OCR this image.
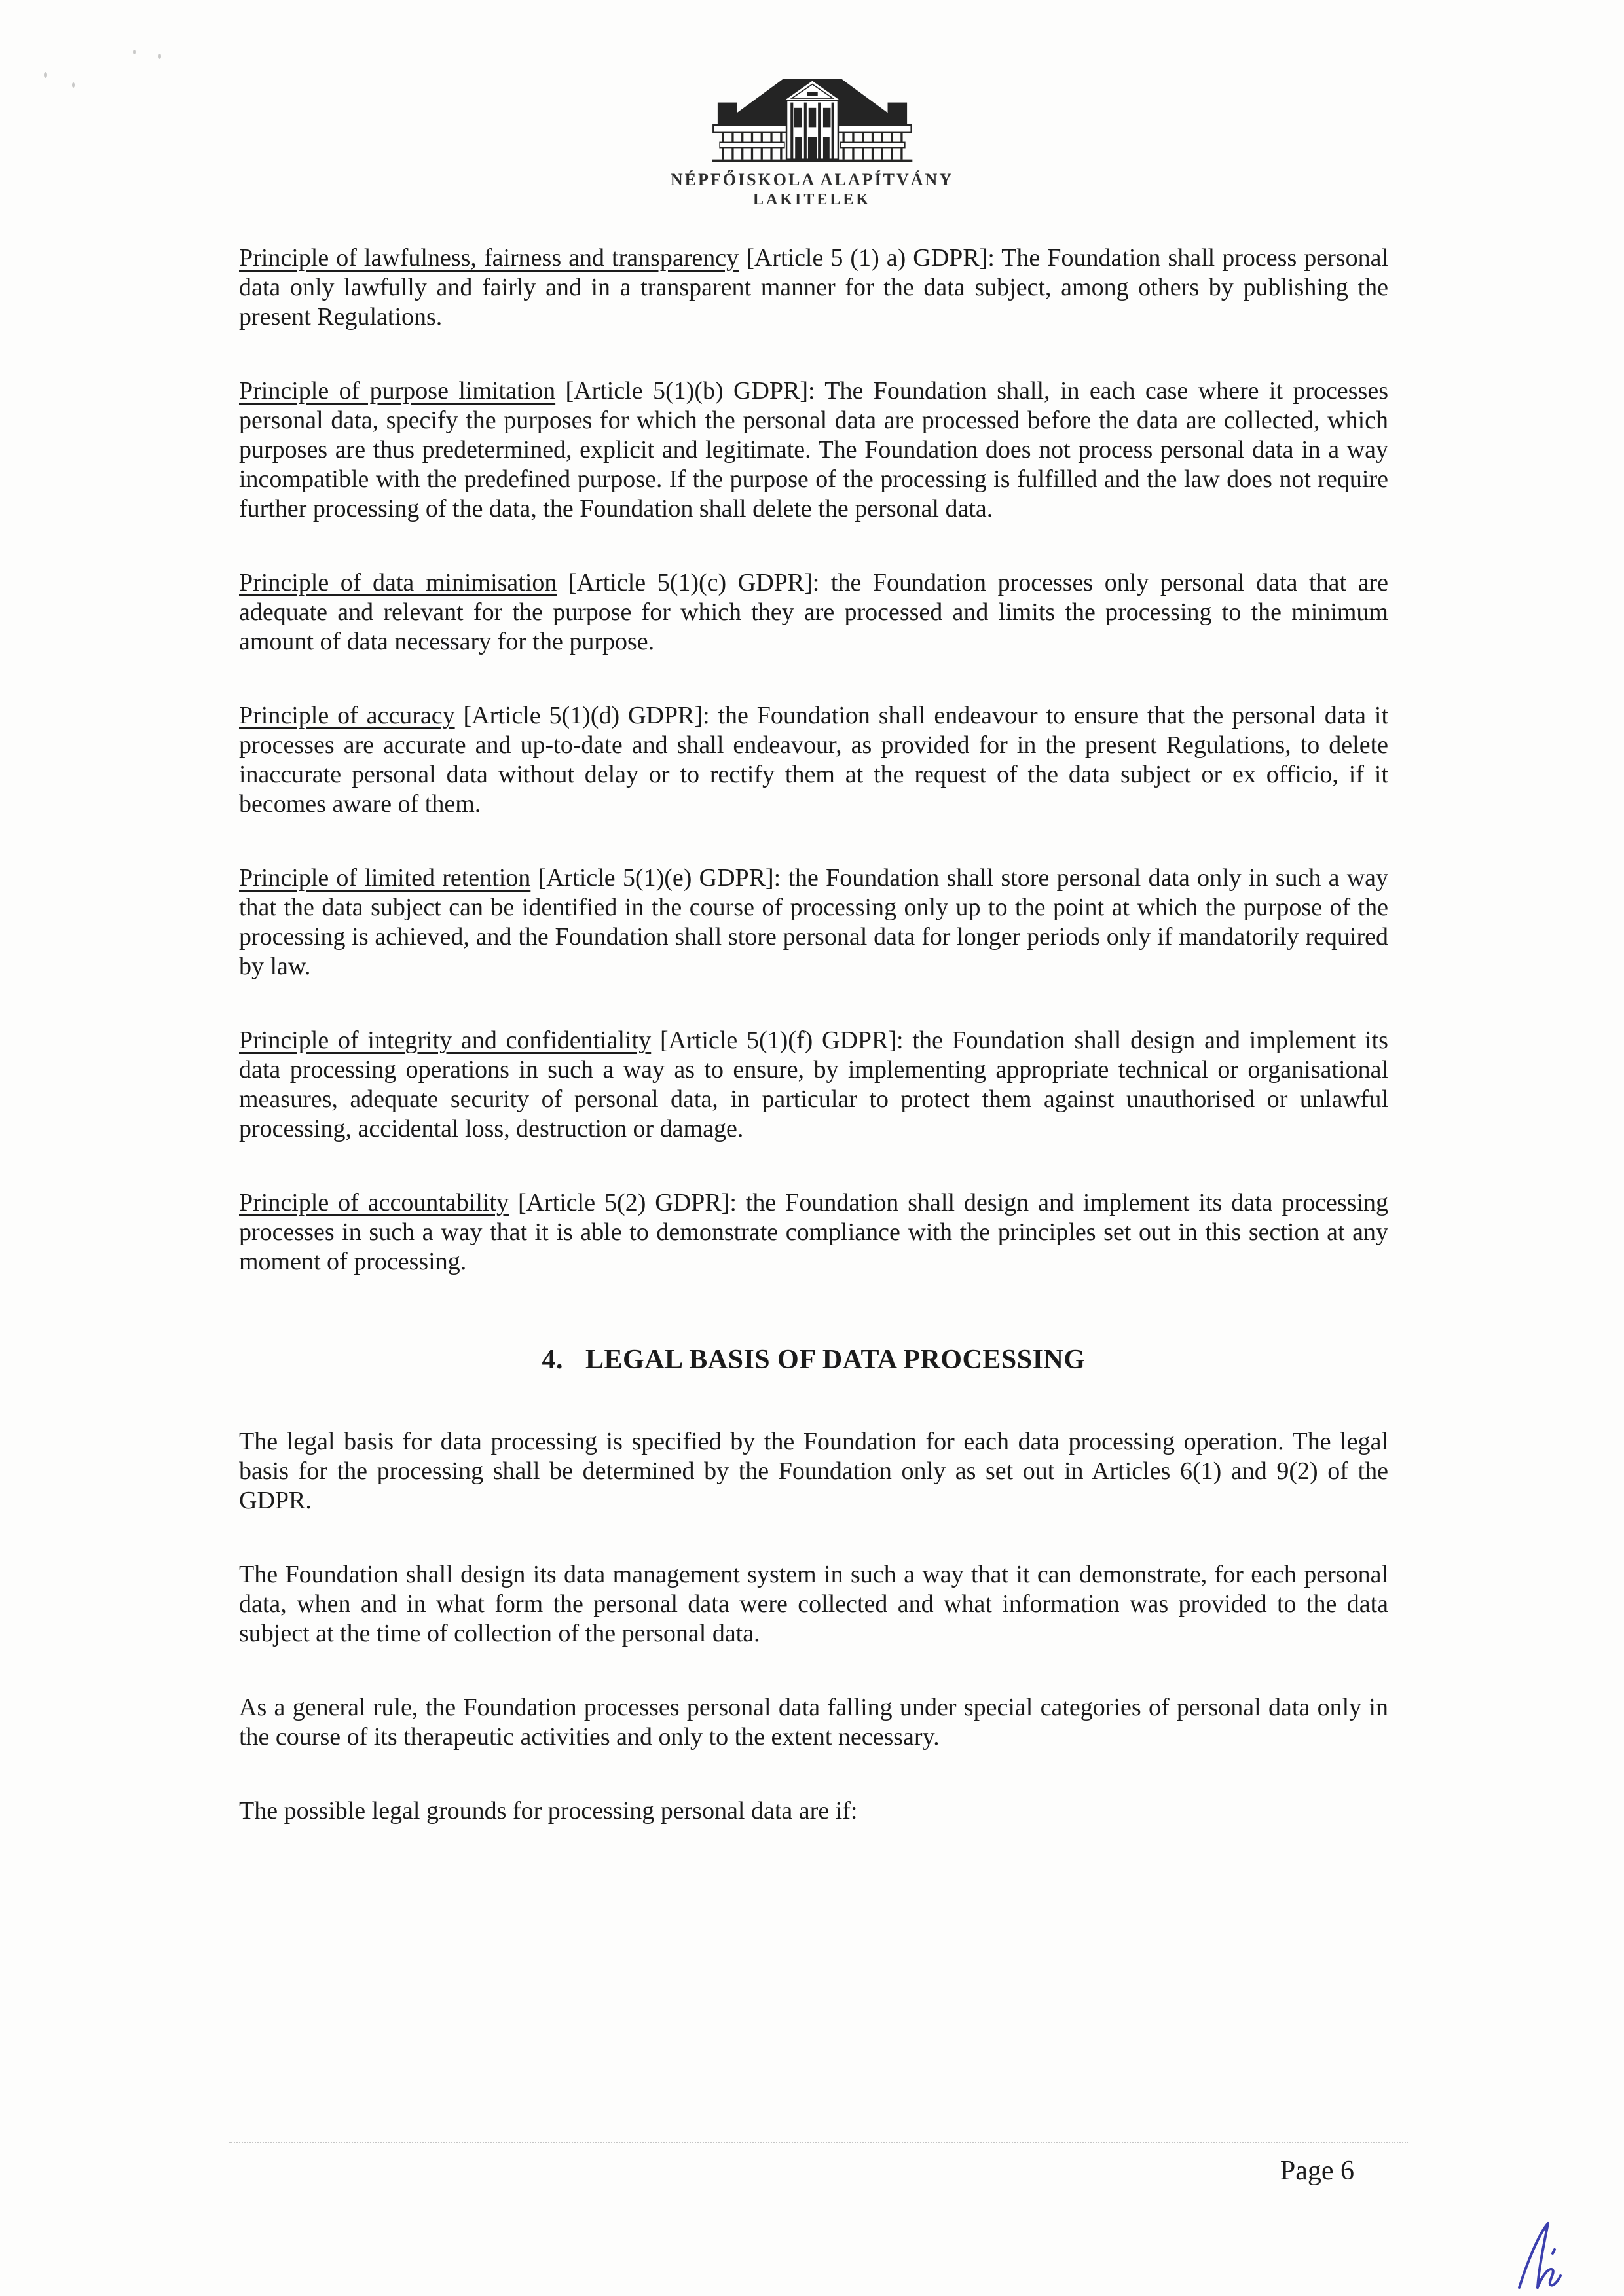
NÉPFŐISKOLA ALAPÍTVÁNY
LAKITELEK

Principle of lawfulness, fairness and transparency [Article 5 (1) a) GDPR]: The Foundation shall process personal data only lawfully and fairly and in a transparent manner for the data subject, among others by publishing the present Regulations.

Principle of purpose limitation [Article 5(1)(b) GDPR]: The Foundation shall, in each case where it processes personal data, specify the purposes for which the personal data are processed before the data are collected, which purposes are thus predetermined, explicit and legitimate. The Foundation does not process personal data in a way incompatible with the predefined purpose. If the purpose of the processing is fulfilled and the law does not require further processing of the data, the Foundation shall delete the personal data.

Principle of data minimisation [Article 5(1)(c) GDPR]: the Foundation processes only personal data that are adequate and relevant for the purpose for which they are processed and limits the processing to the minimum amount of data necessary for the purpose.

Principle of accuracy [Article 5(1)(d) GDPR]: the Foundation shall endeavour to ensure that the personal data it processes are accurate and up-to-date and shall endeavour, as provided for in the present Regulations, to delete inaccurate personal data without delay or to rectify them at the request of the data subject or ex officio, if it becomes aware of them.

Principle of limited retention [Article 5(1)(e) GDPR]: the Foundation shall store personal data only in such a way that the data subject can be identified in the course of processing only up to the point at which the purpose of the processing is achieved, and the Foundation shall store personal data for longer periods only if mandatorily required by law.

Principle of integrity and confidentiality [Article 5(1)(f) GDPR]: the Foundation shall design and implement its data processing operations in such a way as to ensure, by implementing appropriate technical or organisational measures, adequate security of personal data, in particular to protect them against unauthorised or unlawful processing, accidental loss, destruction or damage.

Principle of accountability [Article 5(2) GDPR]: the Foundation shall design and implement its data processing processes in such a way that it is able to demonstrate compliance with the principles set out in this section at any moment of processing.

4. LEGAL BASIS OF DATA PROCESSING

The legal basis for data processing is specified by the Foundation for each data processing operation. The legal basis for the processing shall be determined by the Foundation only as set out in Articles 6(1) and 9(2) of the GDPR.

The Foundation shall design its data management system in such a way that it can demonstrate, for each personal data, when and in what form the personal data were collected and what information was provided to the data subject at the time of collection of the personal data.

As a general rule, the Foundation processes personal data falling under special categories of personal data only in the course of its therapeutic activities and only to the extent necessary.

The possible legal grounds for processing personal data are if:

Page 6
